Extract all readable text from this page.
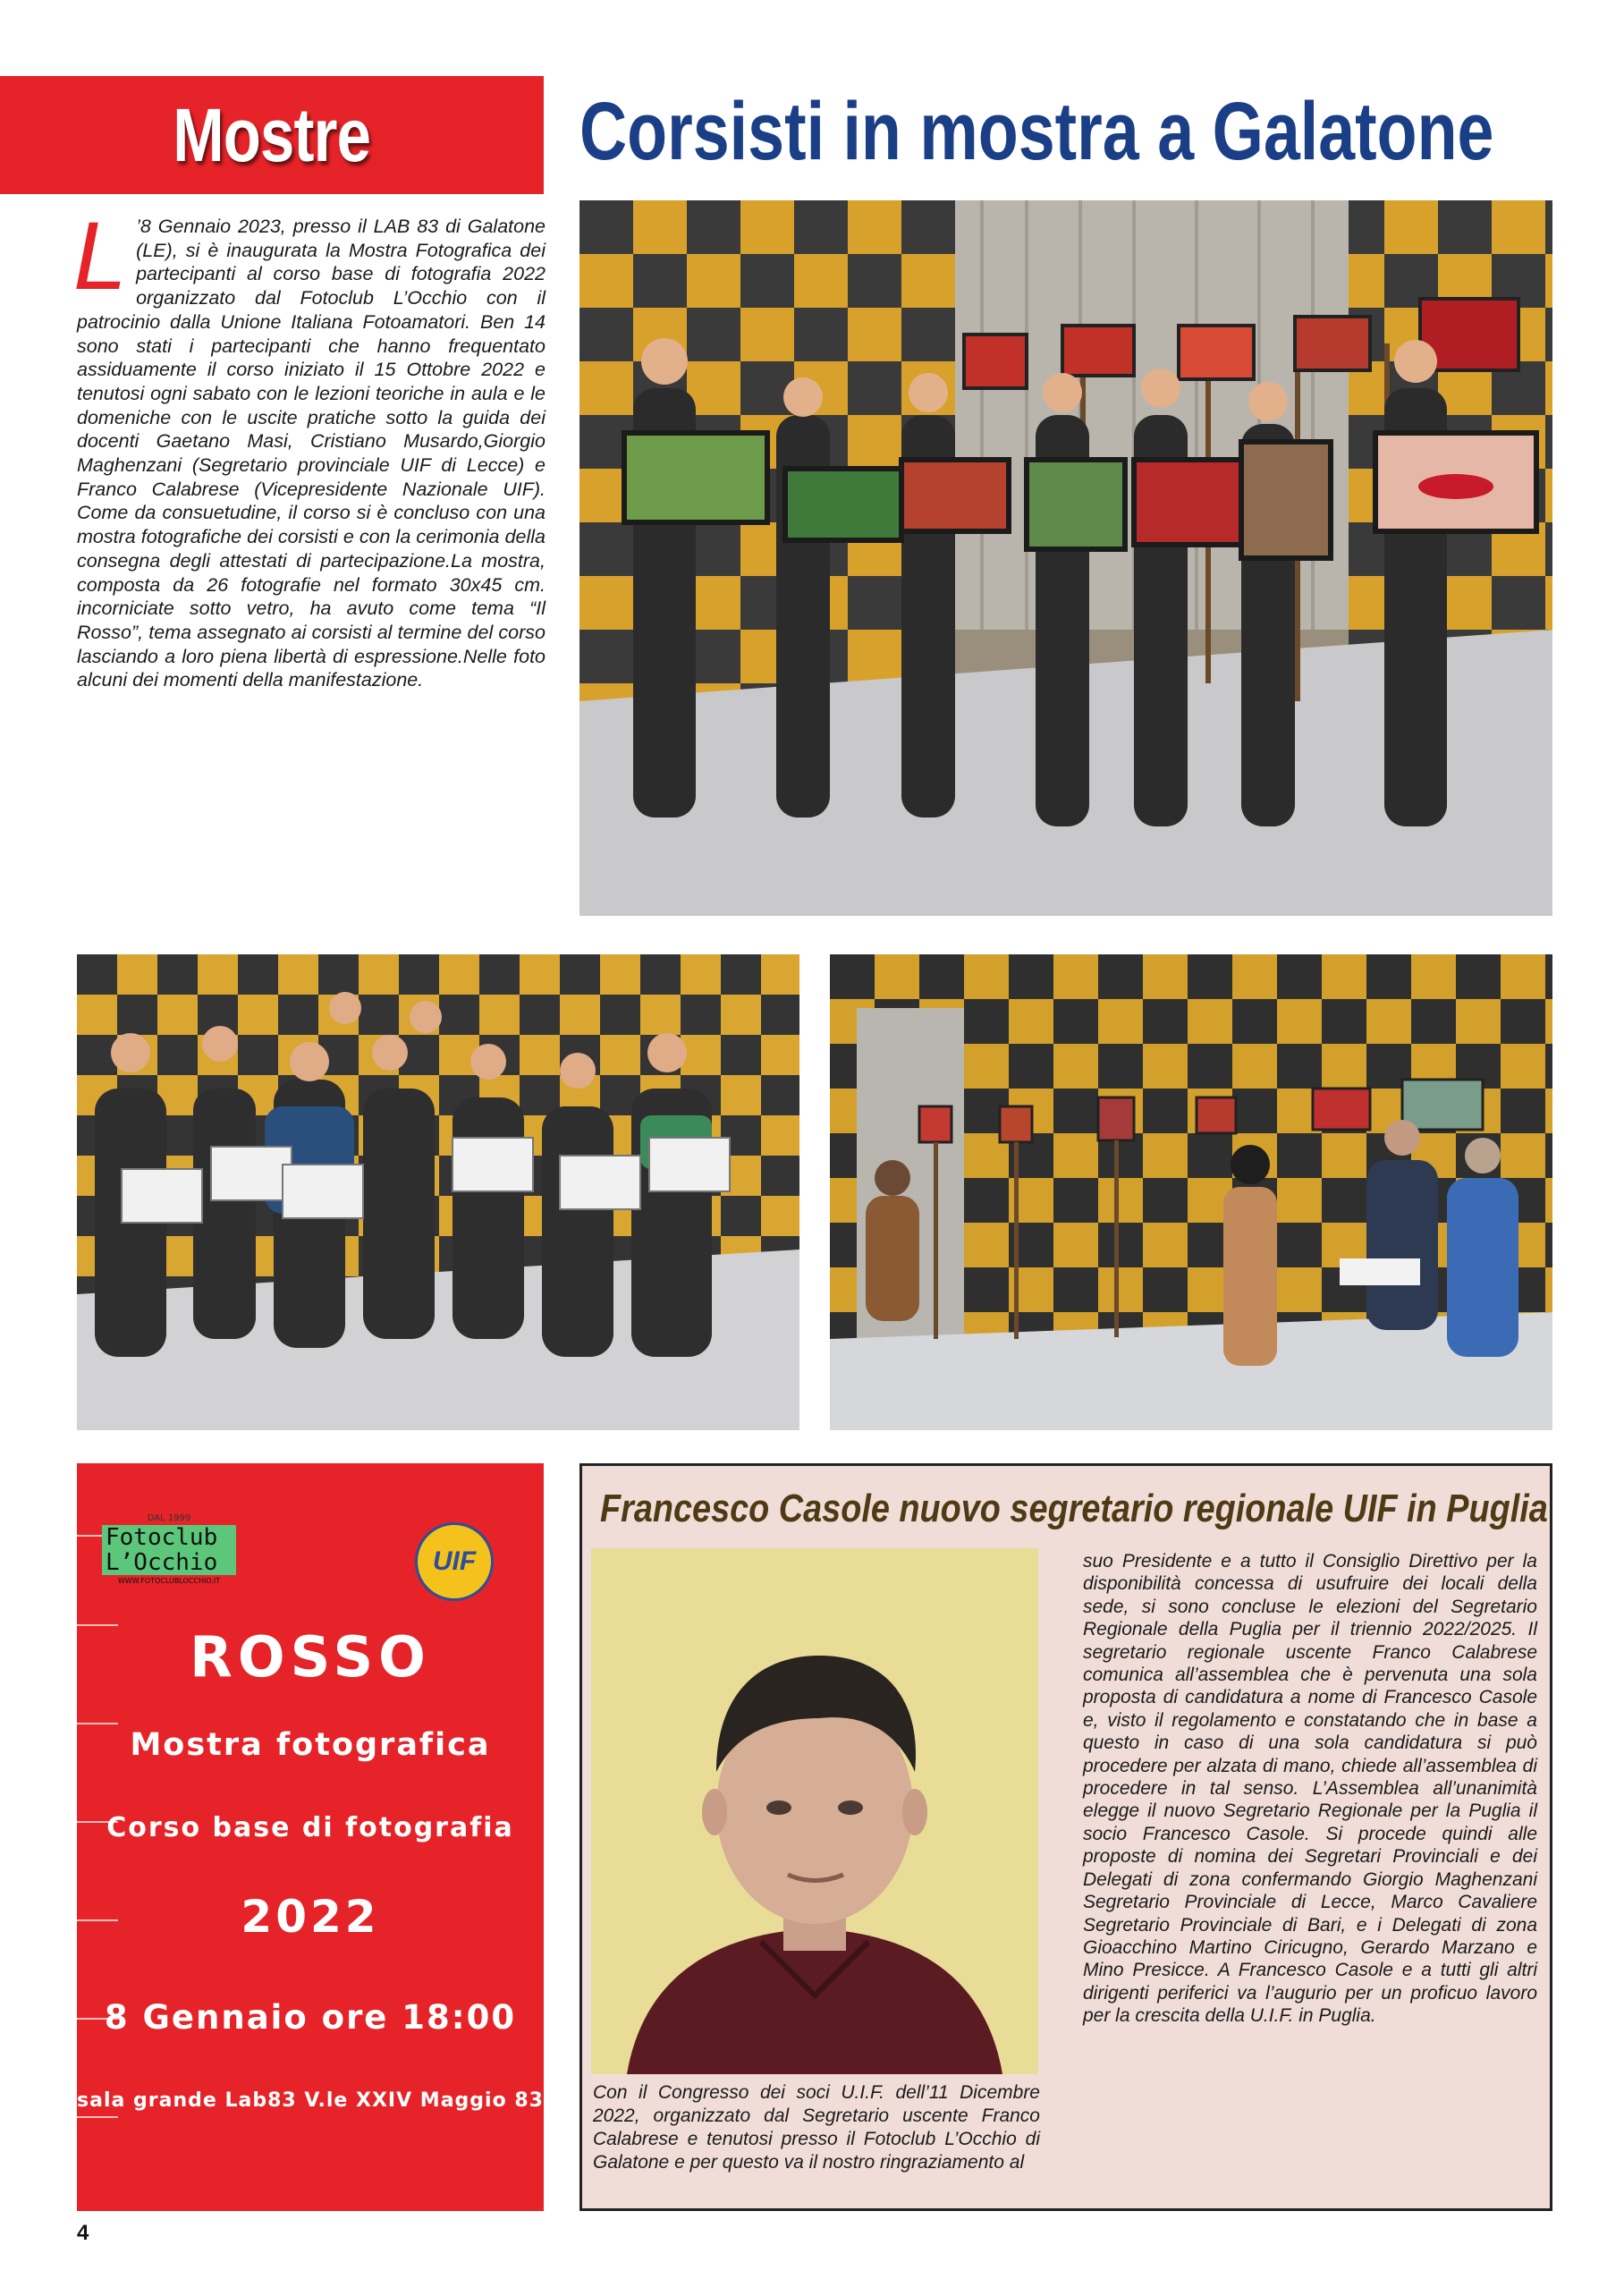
Mostre	Corsisti in mostra a Galatone
L ’8 Gennaio 2023, presso il LAB 83 di Galatone (LE), si è inaugurata la Mostra Fotografica dei partecipanti al corso base di fotografia 2022 organizzato dal Fotoclub L’Occhio con il patrocinio dalla Unione Italiana Fotoamatori. Ben 14 sono stati i partecipanti che hanno frequentato assiduamente il corso iniziato il 15 Ottobre 2022 e tenutosi ogni sabato con le lezioni teoriche in aula e le domeniche con le uscite pratiche sotto la guida dei docenti Gaetano Masi, Cristiano Musardo,Giorgio Maghenzani (Segretario provinciale UIF di Lecce) e Franco Calabrese (Vicepresidente Nazionale UIF). Come da consuetudine, il corso si è concluso con una mostra fotografiche dei corsisti e con la cerimonia della consegna degli attestati di partecipazione.La mostra, composta da 26 fotografie nel formato 30x45 cm. incorniciate sotto vetro, ha avuto come tema “Il Rosso”, tema assegnato ai corsisti al termine del corso lasciando a loro piena libertà di espressione.Nelle foto alcuni dei momenti della manifestazione.
DAL 1999
Fotoclub
L’Occhio
WWW.FOTOCLUBLOCCHIO.IT
UIF
ROSSO
Mostra fotografica
Corso base di fotografia
2022
8 Gennaio ore 18:00
sala grande Lab83 V.le XXIV Maggio 83
4
Francesco Casole nuovo segretario regionale UIF in Puglia
Con il Congresso dei soci U.I.F. dell’11 Dicembre 2022, organizzato dal Segretario uscente Franco Calabrese e tenutosi presso il Fotoclub L’Occhio di Galatone e per questo va il nostro ringraziamento al
suo Presidente e a tutto il Consiglio Direttivo per la disponibilità concessa di usufruire dei locali della sede, si sono concluse le elezioni del Segretario Regionale della Puglia per il triennio 2022/2025. Il segretario regionale uscente Franco Calabrese comunica all’assemblea che è pervenuta una sola proposta di candidatura a nome di Francesco Casole e, visto il regolamento e constatando che in base a questo in caso di una sola candidatura si può procedere per alzata di mano, chiede all’assemblea di procedere in tal senso. L’Assemblea all’unanimità elegge il nuovo Segretario Regionale per la Puglia il socio Francesco Casole. Si procede quindi alle proposte di nomina dei Segretari Provinciali e dei Delegati di zona confermando Giorgio Maghenzani Segretario Provinciale di Lecce, Marco Cavaliere Segretario Provinciale di Bari, e i Delegati di zona Gioacchino Martino Ciricugno, Gerardo Marzano e Mino Presicce. A Francesco Casole e a tutti gli altri dirigenti periferici va l’augurio per un proficuo lavoro per la crescita della U.I.F. in Puglia.
